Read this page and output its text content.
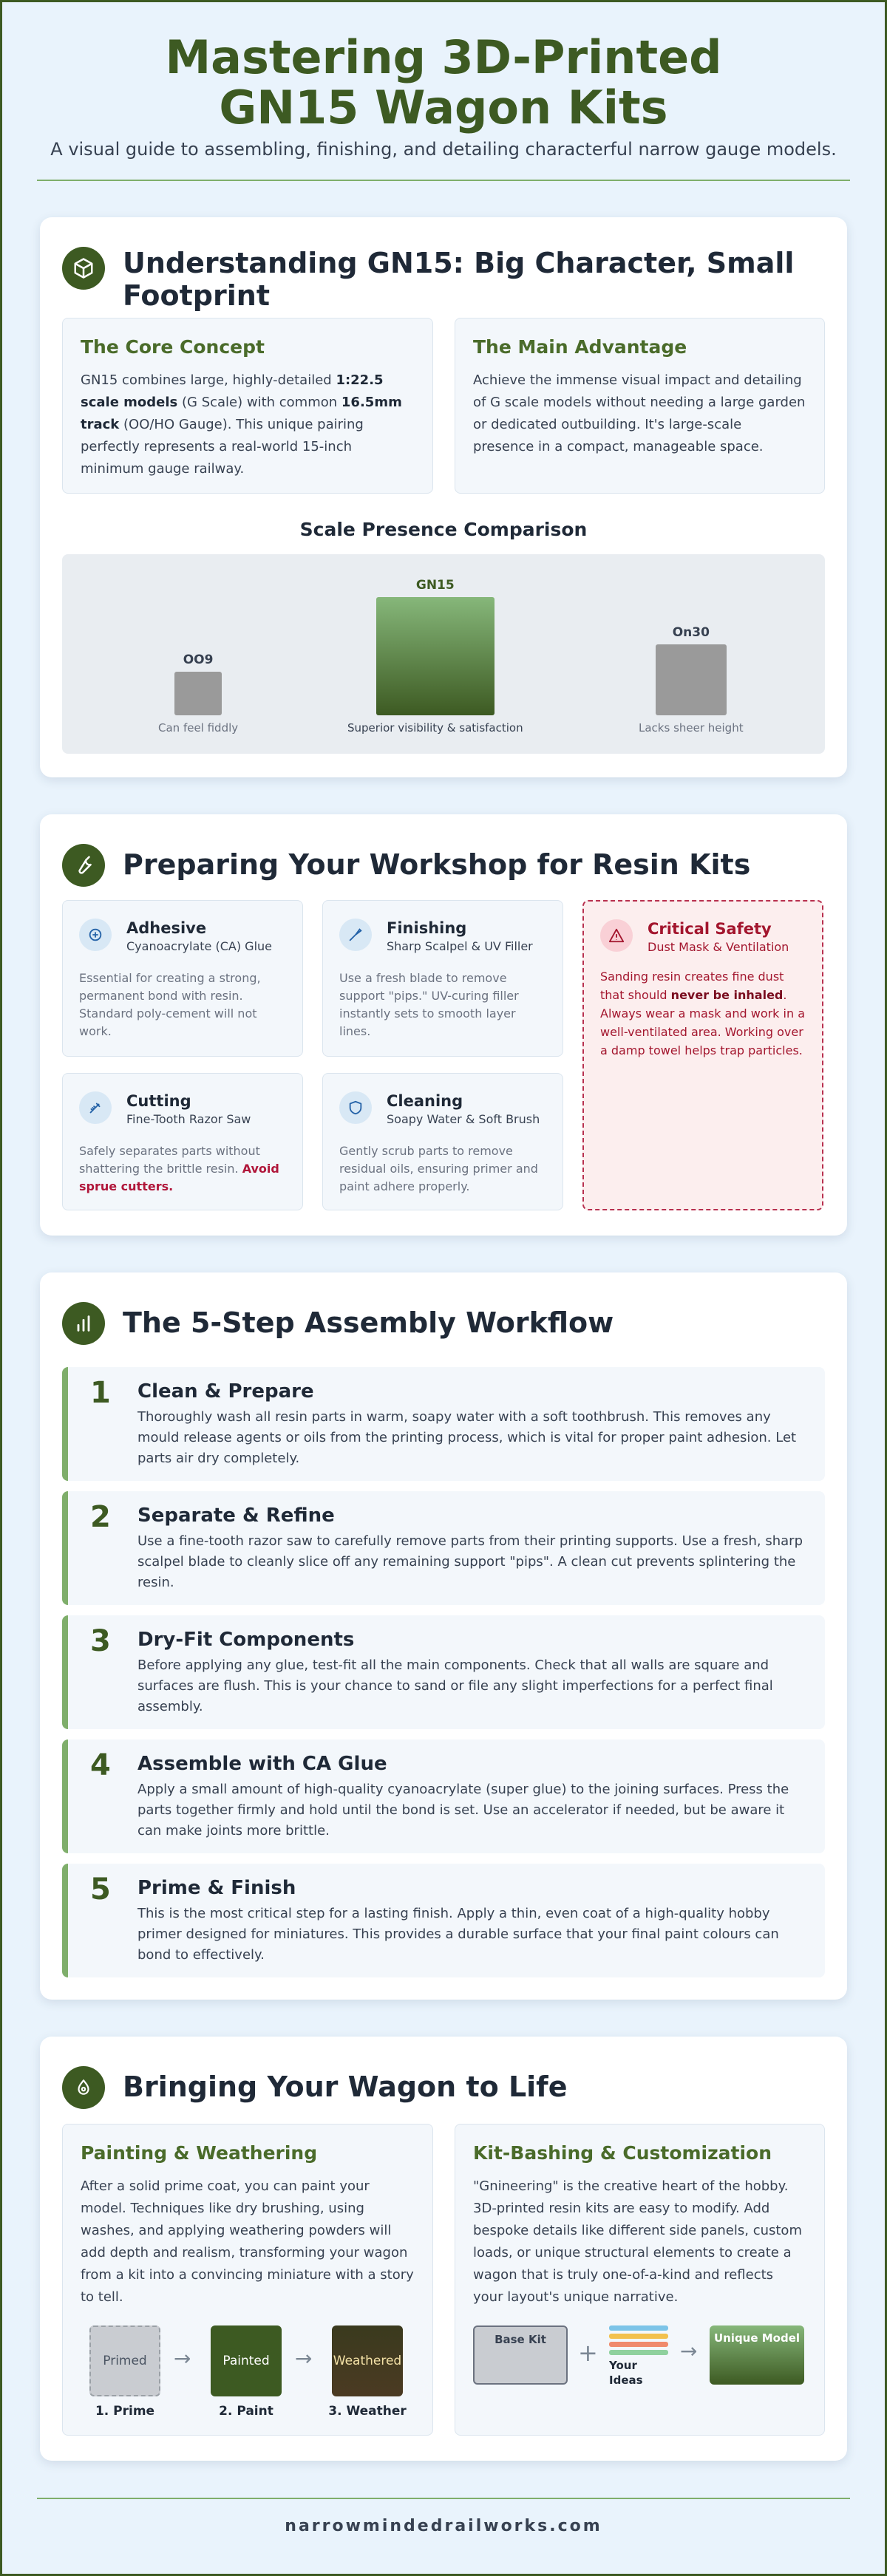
Mastering 3D-Printed GN15 Wagon Kits
A visual guide to assembling, finishing, and detailing characterful narrow gauge models.
Understanding GN15: Big Character, Small Footprint
The Core Concept
GN15 combines large, highly-detailed 1:22.5 scale models (G Scale) with common 16.5mm track (OO/HO Gauge). This unique pairing perfectly represents a real-world 15-inch minimum gauge railway.
The Main Advantage
Achieve the immense visual impact and detailing of G scale models without needing a large garden or dedicated outbuilding. It's large-scale presence in a compact, manageable space.
Scale Presence Comparison
OO9
Can feel fiddly
GN15
Superior visibility & satisfaction
On30
Lacks sheer height
Preparing Your Workshop for Resin Kits
Adhesive
Cyanoacrylate (CA) Glue
Essential for creating a strong, permanent bond with resin. Standard poly-cement will not work.
Finishing
Sharp Scalpel & UV Filler
Use a fresh blade to remove support "pips." UV-curing filler instantly sets to smooth layer lines.
Critical Safety
Dust Mask & Ventilation
Sanding resin creates fine dust that should never be inhaled. Always wear a mask and work in a well-ventilated area. Working over a damp towel helps trap particles.
Cutting
Fine-Tooth Razor Saw
Safely separates parts without shattering the brittle resin. Avoid sprue cutters.
Cleaning
Soapy Water & Soft Brush
Gently scrub parts to remove residual oils, ensuring primer and paint adhere properly.
The 5-Step Assembly Workflow
1 Clean & Prepare
Thoroughly wash all resin parts in warm, soapy water with a soft toothbrush. This removes any mould release agents or oils from the printing process, which is vital for proper paint adhesion. Let parts air dry completely.
2 Separate & Refine
Use a fine-tooth razor saw to carefully remove parts from their printing supports. Use a fresh, sharp scalpel blade to cleanly slice off any remaining support "pips". A clean cut prevents splintering the resin.
3 Dry-Fit Components
Before applying any glue, test-fit all the main components. Check that all walls are square and surfaces are flush. This is your chance to sand or file any slight imperfections for a perfect final assembly.
4 Assemble with CA Glue
Apply a small amount of high-quality cyanoacrylate (super glue) to the joining surfaces. Press the parts together firmly and hold until the bond is set. Use an accelerator if needed, but be aware it can make joints more brittle.
5 Prime & Finish
This is the most critical step for a lasting finish. Apply a thin, even coat of a high-quality hobby primer designed for miniatures. This provides a durable surface that your final paint colours can bond to effectively.
Bringing Your Wagon to Life
Painting & Weathering
After a solid prime coat, you can paint your model. Techniques like dry brushing, using washes, and applying weathering powders will add depth and realism, transforming your wagon from a kit into a convincing miniature with a story to tell.
Primed	→	Painted	→ Weathered
1. Prime	2. Paint	3. Weather
Kit-Bashing & Customization
"Gnineering" is the creative heart of the hobby. 3D-printed resin kits are easy to modify. Add bespoke details like different side panels, custom loads, or unique structural elements to create a wagon that is truly one-of-a-kind and reflects your layout's unique narrative.
Base Kit	+ Your Ideas
→
Unique Model
narrowmindedrailworks.com
